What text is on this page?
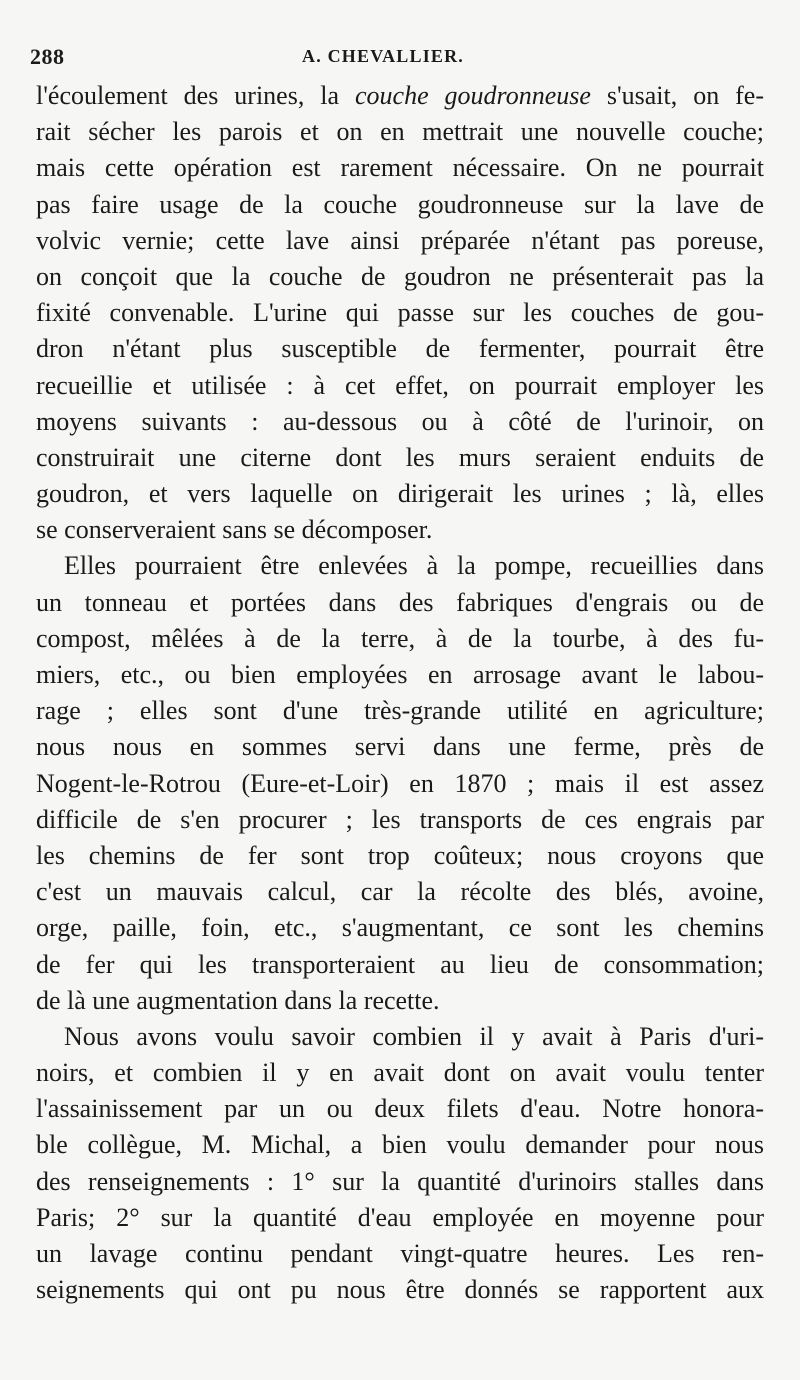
288	A. CHEVALLIER.
l'écoulement des urines, la couche goudronneuse s'usait, on fe-
rait sécher les parois et on en mettrait une nouvelle couche;
mais cette opération est rarement nécessaire. On ne pourrait
pas faire usage de la couche goudronneuse sur la lave de
volvic vernie; cette lave ainsi préparée n'étant pas poreuse,
on conçoit que la couche de goudron ne présenterait pas la
fixité convenable. L'urine qui passe sur les couches de gou-
dron n'étant plus susceptible de fermenter, pourrait être
recueillie et utilisée : à cet effet, on pourrait employer les
moyens suivants : au-dessous ou à côté de l'urinoir, on
construirait une citerne dont les murs seraient enduits de
goudron, et vers laquelle on dirigerait les urines ; là, elles
se conserveraient sans se décomposer.
Elles pourraient être enlevées à la pompe, recueillies dans
un tonneau et portées dans des fabriques d'engrais ou de
compost, mêlées à de la terre, à de la tourbe, à des fu-
miers, etc., ou bien employées en arrosage avant le labou-
rage ; elles sont d'une très-grande utilité en agriculture;
nous nous en sommes servi dans une ferme, près de
Nogent-le-Rotrou (Eure-et-Loir) en 1870 ; mais il est assez
difficile de s'en procurer ; les transports de ces engrais par
les chemins de fer sont trop coûteux; nous croyons que
c'est un mauvais calcul, car la récolte des blés, avoine,
orge, paille, foin, etc., s'augmentant, ce sont les chemins
de fer qui les transporteraient au lieu de consommation;
de là une augmentation dans la recette.
Nous avons voulu savoir combien il y avait à Paris d'uri-
noirs, et combien il y en avait dont on avait voulu tenter
l'assainissement par un ou deux filets d'eau. Notre honora-
ble collègue, M. Michal, a bien voulu demander pour nous
des renseignements : 1° sur la quantité d'urinoirs stalles dans
Paris; 2° sur la quantité d'eau employée en moyenne pour
un lavage continu pendant vingt-quatre heures. Les ren-
seignements qui ont pu nous être donnés se rapportent aux
